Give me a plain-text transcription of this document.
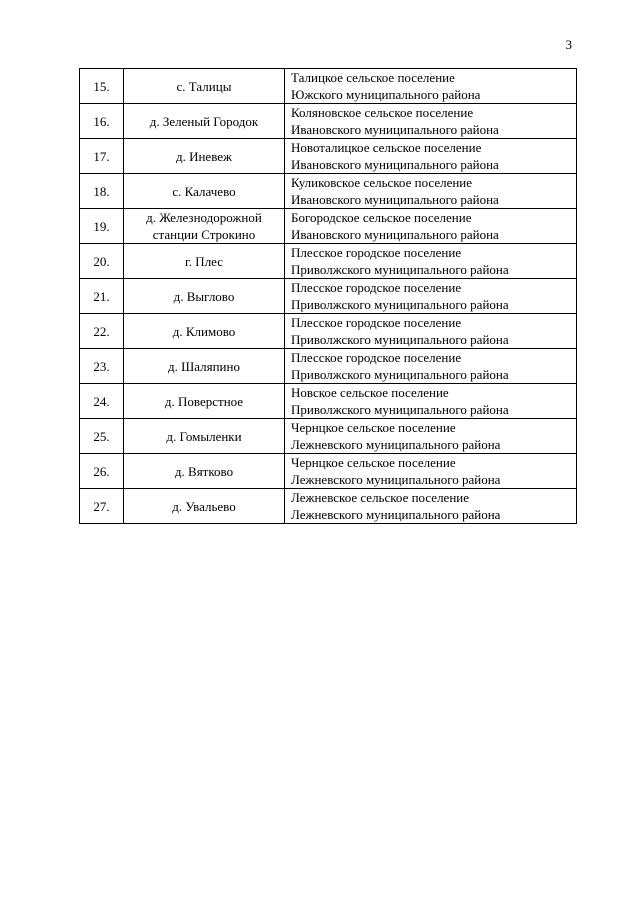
3
15.	с. Талицы	Талицкое сельское поселение
Южского муниципального района

16.	д. Зеленый Городок	Коляновское сельское поселение
Ивановского муниципального района

17.	д. Иневеж	Новоталицкое сельское поселение
Ивановского муниципального района

18.	с. Калачево	Куликовское сельское поселение
Ивановского муниципального района

19.	д. Железнодорожной станции Строкино	Богородское сельское поселение
Ивановского муниципального района

20.	г. Плес	Плесское городское поселение
Приволжского муниципального района

21.	д. Выглово	Плесское городское поселение
Приволжского муниципального района

22.	д. Климово	Плесское городское поселение
Приволжского муниципального района

23.	д. Шаляпино	Плесское городское поселение
Приволжского муниципального района

24.	д. Поверстное	Новское сельское поселение
Приволжского муниципального района

25.	д. Гомыленки	Чернцкое сельское поселение
Лежневского муниципального района

26.	д. Вятково	Чернцкое сельское поселение
Лежневского муниципального района

27.	д. Увальево	Лежневское сельское поселение
Лежневского муниципального района
